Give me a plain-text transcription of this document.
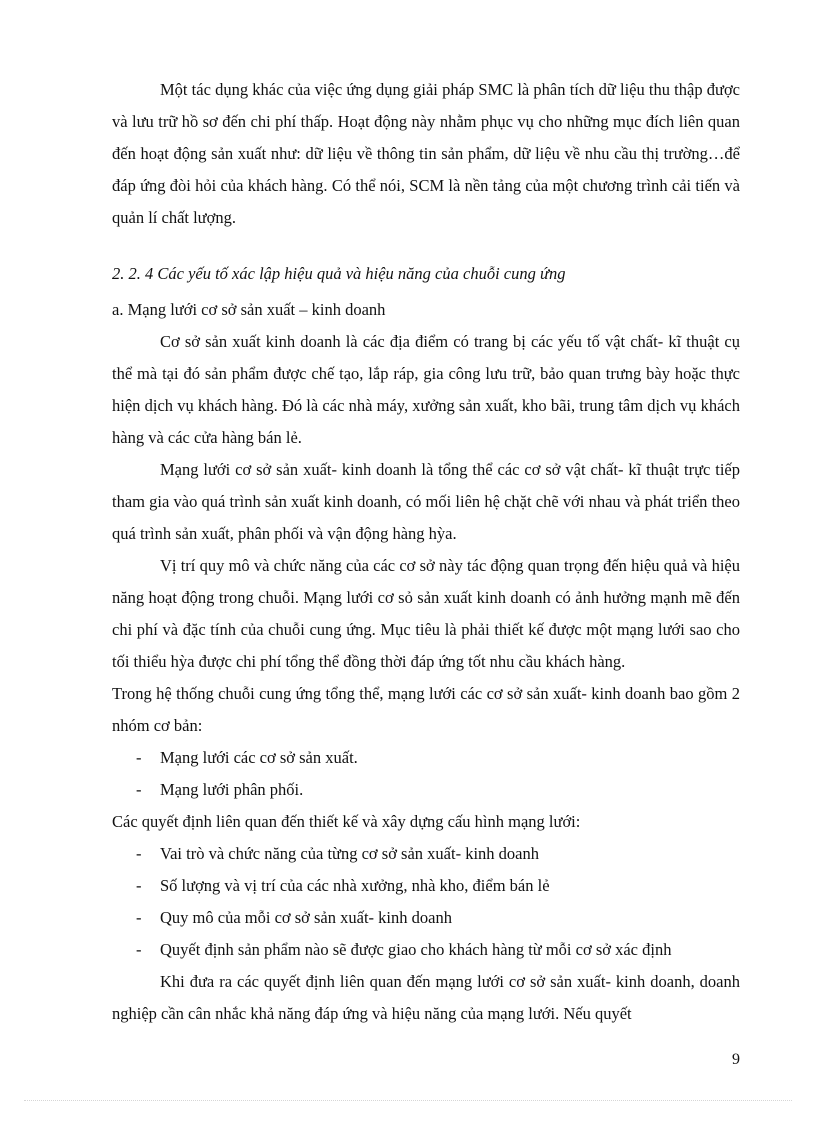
Một tác dụng khác của việc ứng dụng giải pháp SMC là phân tích dữ liệu thu thập được và lưu trữ hồ sơ đến chi phí thấp. Hoạt động này nhằm phục vụ cho những mục đích liên quan đến hoạt động sản xuất như: dữ liệu về thông tin sản phẩm, dữ liệu về nhu cầu thị trường…để đáp ứng đòi hỏi của khách hàng. Có thể nói, SCM là nền tảng của một chương trình cải tiến và quản lí chất lượng.

2. 2. 4 Các yếu tố xác lập hiệu quả và hiệu năng của chuỗi cung ứng

a. Mạng lưới cơ sở sản xuất – kinh doanh

Cơ sở sản xuất kinh doanh là các địa điểm có trang bị các yếu tố vật chất- kĩ thuật cụ thể mà tại đó sản phẩm được chế tạo, lắp ráp, gia công lưu trữ, bảo quan trưng bày hoặc thực hiện dịch vụ khách hàng. Đó là các nhà máy, xưởng sản xuất, kho bãi, trung tâm dịch vụ khách hàng và các cửa hàng bán lẻ.

Mạng lưới cơ sở sản xuất- kinh doanh là tổng thể các cơ sở vật chất- kĩ thuật trực tiếp tham gia vào quá trình sản xuất kinh doanh, có mối liên hệ chặt chẽ với nhau và phát triển theo quá trình sản xuất, phân phối và vận động hàng hỳa.

Vị trí quy mô và chức năng của các cơ sở này tác động quan trọng đến hiệu quả và hiệu năng hoạt động trong chuỗi. Mạng lưới cơ sỏ sản xuất kinh doanh có ảnh hưởng mạnh mẽ đến chi phí và đặc tính của chuỗi cung ứng. Mục tiêu là phải thiết kế được một mạng lưới sao cho tối thiểu hỳa được chi phí tổng thể đồng thời đáp ứng tốt nhu cầu khách hàng.

Trong hệ thống chuỗi cung ứng tổng thể, mạng lưới các cơ sở sản xuất- kinh doanh bao gồm 2 nhóm cơ bản:

- Mạng lưới các cơ sở sản xuất.
- Mạng lưới phân phối.

Các quyết định liên quan đến thiết kế và xây dựng cấu hình mạng lưới:

- Vai trò và chức năng của từng cơ sở sản xuất- kinh doanh
- Số lượng và vị trí của các nhà xưởng, nhà kho, điểm bán lẻ
- Quy mô của mỗi cơ sở sản xuất- kinh doanh
- Quyết định sản phẩm nào sẽ được giao cho khách hàng từ mỗi cơ sở xác định

Khi đưa ra các quyết định liên quan đến mạng lưới cơ sở sản xuất- kinh doanh, doanh nghiệp cần cân nhắc khả năng đáp ứng và hiệu năng của mạng lưới. Nếu quyết

9
